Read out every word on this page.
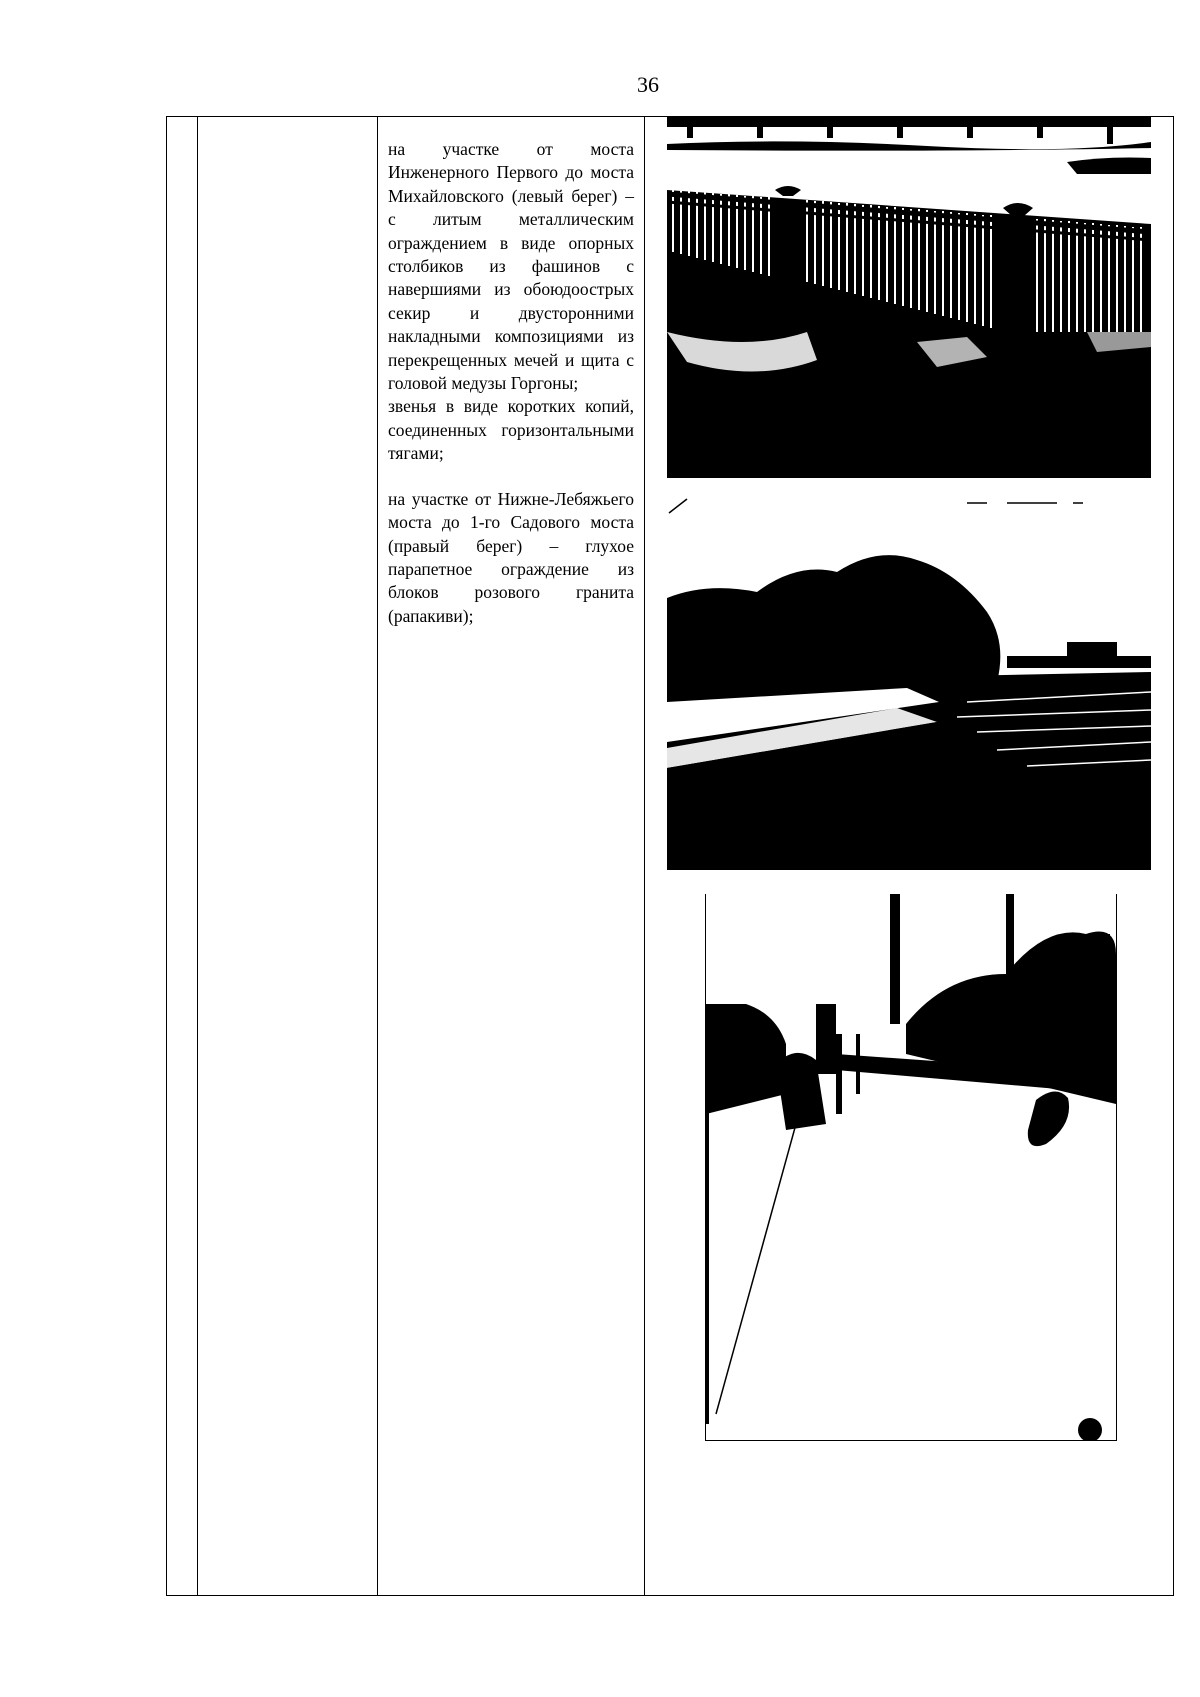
36

на участке от моста Инженерного Первого до моста Михайловского (левый берег) – с литым металлическим ограждением в виде опорных столбиков из фашинов с навершиями из обоюдоострых секир и двусторонними накладными композициями из перекрещенных мечей и щита с головой медузы Горгоны;

звенья в виде коротких копий, соединенных горизонтальными тягами;

на участке от Нижне-Лебяжьего моста до 1-го Садового моста (правый берег) – глухое парапетное ограждение из блоков розового гранита (рапакиви);
